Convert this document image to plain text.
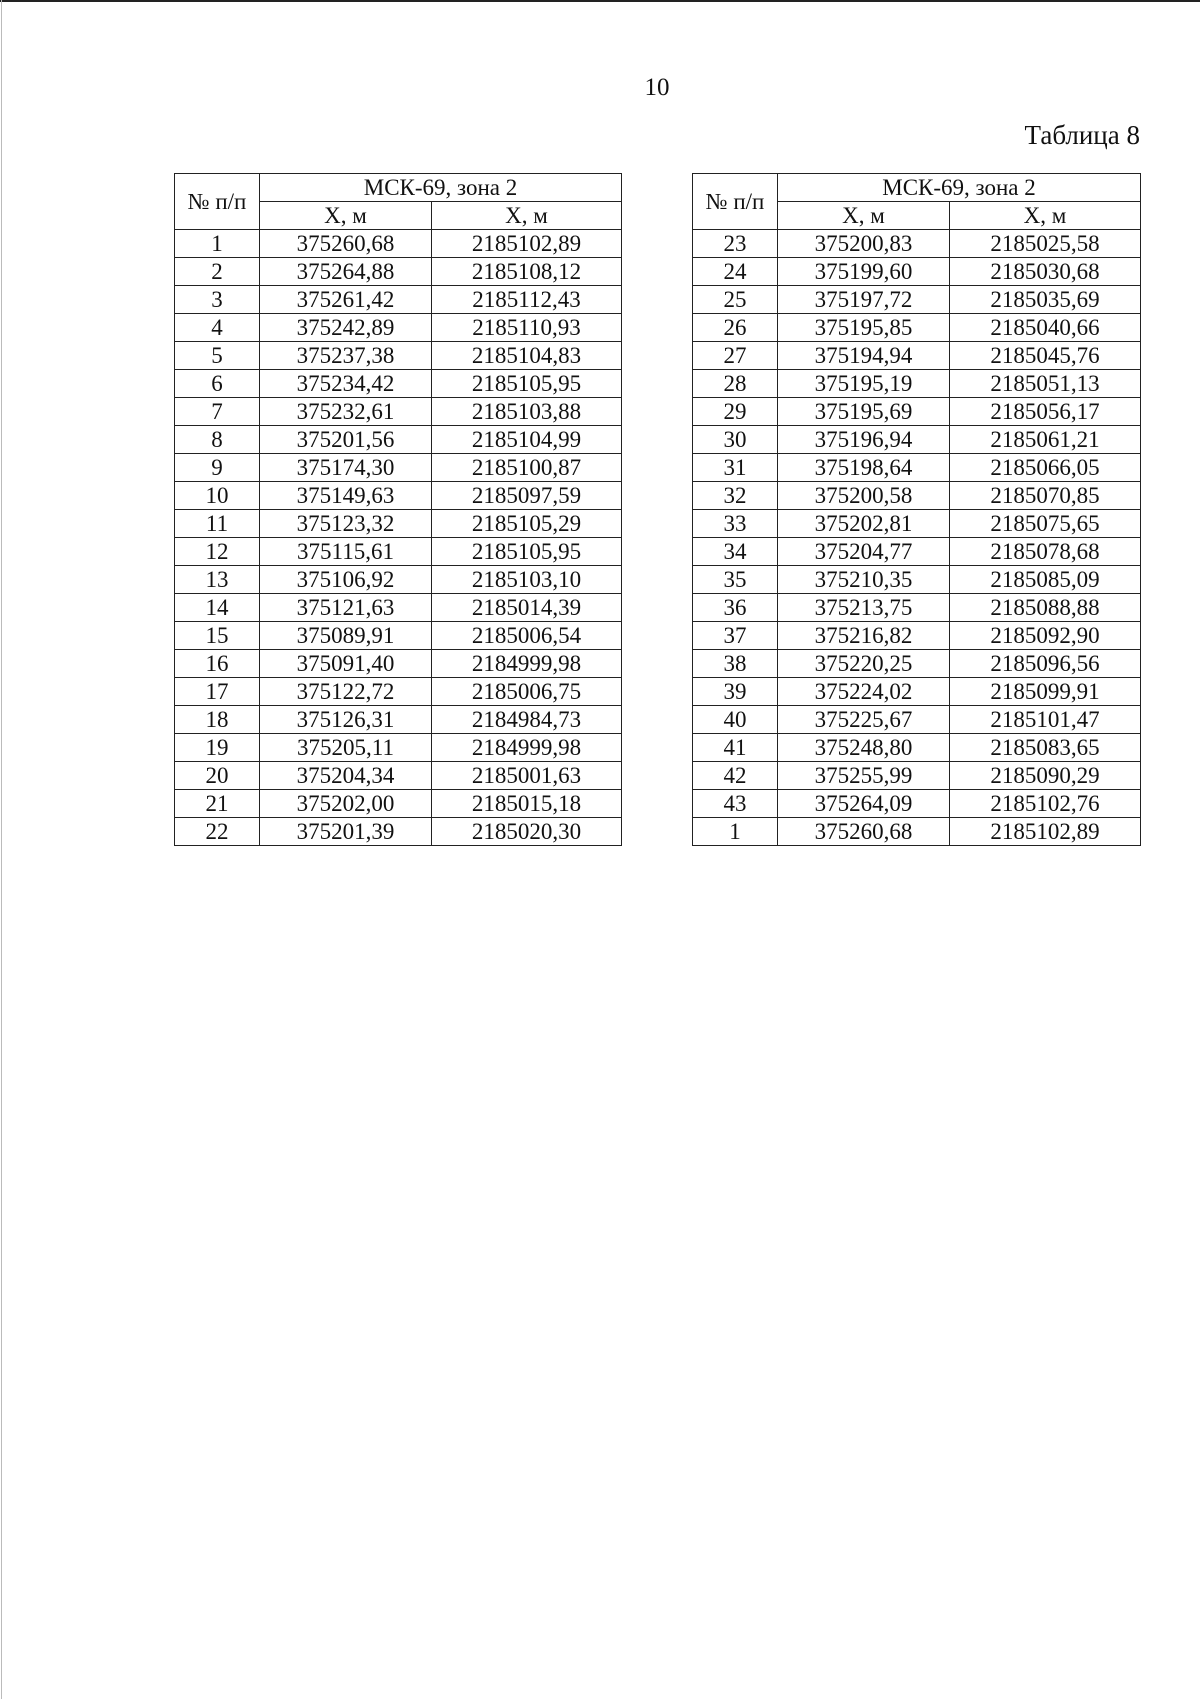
10
Таблица 8
№ п/п	МСК-69, зона 2	
	X, м	X, м
1	375260,68	2185102,89
2	375264,88	2185108,12
3	375261,42	2185112,43
4	375242,89	2185110,93
5	375237,38	2185104,83
6	375234,42	2185105,95
7	375232,61	2185103,88
8	375201,56	2185104,99
9	375174,30	2185100,87
10	375149,63	2185097,59
11	375123,32	2185105,29
12	375115,61	2185105,95
13	375106,92	2185103,10
14	375121,63	2185014,39
15	375089,91	2185006,54
16	375091,40	2184999,98
17	375122,72	2185006,75
18	375126,31	2184984,73
19	375205,11	2184999,98
20	375204,34	2185001,63
21	375202,00	2185015,18
22	375201,39	2185020,30
№ п/п	МСК-69, зона 2	
	X, м	X, м
23	375200,83	2185025,58
24	375199,60	2185030,68
25	375197,72	2185035,69
26	375195,85	2185040,66
27	375194,94	2185045,76
28	375195,19	2185051,13
29	375195,69	2185056,17
30	375196,94	2185061,21
31	375198,64	2185066,05
32	375200,58	2185070,85
33	375202,81	2185075,65
34	375204,77	2185078,68
35	375210,35	2185085,09
36	375213,75	2185088,88
37	375216,82	2185092,90
38	375220,25	2185096,56
39	375224,02	2185099,91
40	375225,67	2185101,47
41	375248,80	2185083,65
42	375255,99	2185090,29
43	375264,09	2185102,76
1	375260,68	2185102,89
